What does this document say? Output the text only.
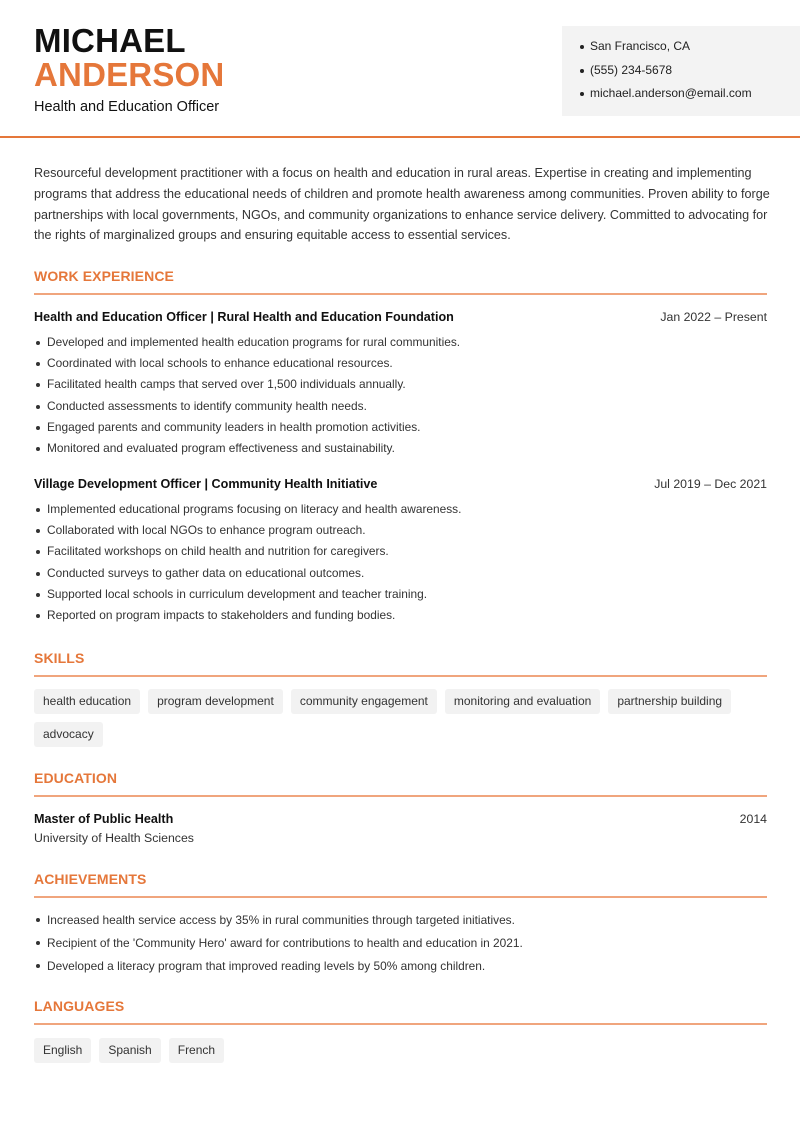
MICHAEL
ANDERSON
Health and Education Officer
San Francisco, CA
(555) 234-5678
michael.anderson@email.com

Resourceful development practitioner with a focus on health and education in rural areas. Expertise in creating and implementing programs that address the educational needs of children and promote health awareness among communities. Proven ability to forge partnerships with local governments, NGOs, and community organizations to enhance service delivery. Committed to advocating for the rights of marginalized groups and ensuring equitable access to essential services.

WORK EXPERIENCE
Health and Education Officer | Rural Health and Education Foundation	Jan 2022 – Present
Developed and implemented health education programs for rural communities.
Coordinated with local schools to enhance educational resources.
Facilitated health camps that served over 1,500 individuals annually.
Conducted assessments to identify community health needs.
Engaged parents and community leaders in health promotion activities.
Monitored and evaluated program effectiveness and sustainability.
Village Development Officer | Community Health Initiative	Jul 2019 – Dec 2021
Implemented educational programs focusing on literacy and health awareness.
Collaborated with local NGOs to enhance program outreach.
Facilitated workshops on child health and nutrition for caregivers.
Conducted surveys to gather data on educational outcomes.
Supported local schools in curriculum development and teacher training.
Reported on program impacts to stakeholders and funding bodies.
SKILLS
health education	program development	community engagement	monitoring and evaluation	partnership building
advocacy
EDUCATION
Master of Public Health
University of Health Sciences
2014
ACHIEVEMENTS
Increased health service access by 35% in rural communities through targeted initiatives.
Recipient of the 'Community Hero' award for contributions to health and education in 2021.
Developed a literacy program that improved reading levels by 50% among children.
LANGUAGES
English	Spanish	French
